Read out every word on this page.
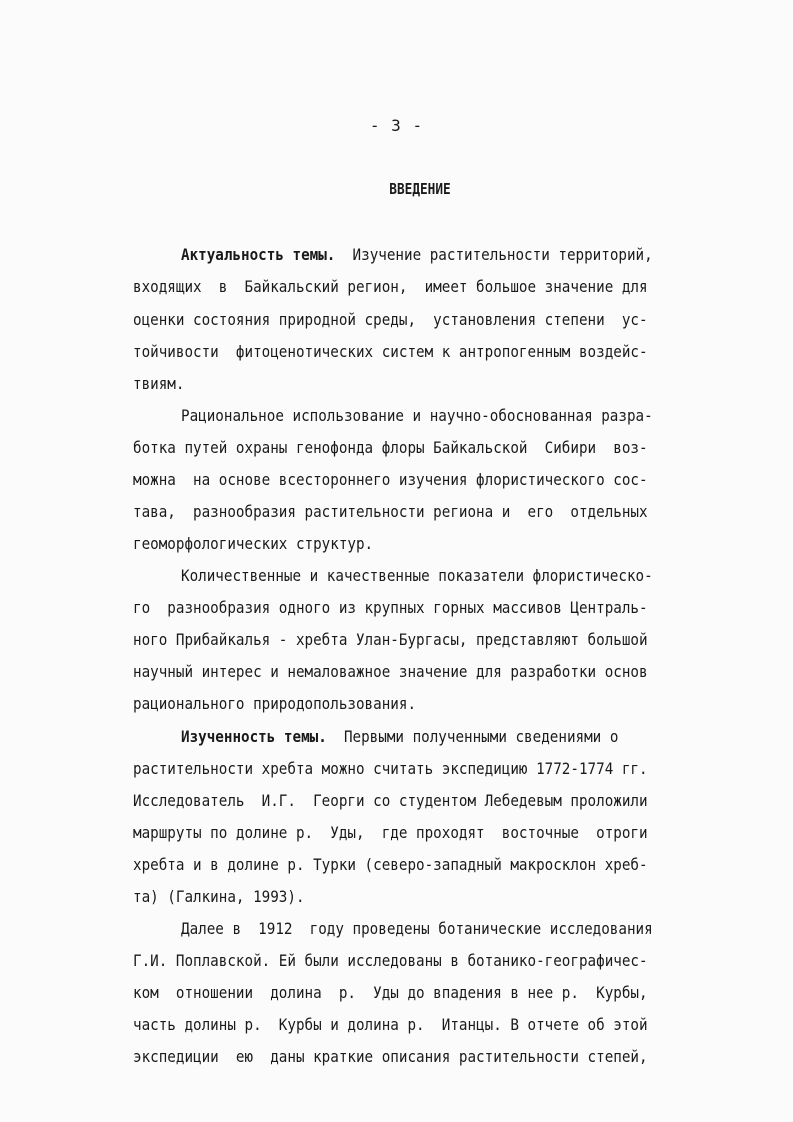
- 3 -
ВВЕДЕНИЕ
Актуальность темы.  Изучение растительности территорий,
входящих  в  Байкальский регион,  имеет большое значение для
оценки состояния природной среды,  установления степени  ус-
тойчивости  фитоценотических систем к антропогенным воздейс-
твиям.
Рациональное использование и научно-обоснованная разра-
ботка путей охраны генофонда флоры Байкальской  Сибири  воз-
можна  на основе всестороннего изучения флористического сос-
тава,  разнообразия растительности региона и  его  отдельных
геоморфологических структур.
Количественные и качественные показатели флористическо-
го  разнообразия одного из крупных горных массивов Централь-
ного Прибайкалья - хребта Улан-Бургасы, представляют большой
научный интерес и немаловажное значение для разработки основ
рационального природопользования.
Изученность темы.  Первыми полученными сведениями о
растительности хребта можно считать экспедицию 1772-1774 гг.
Исследователь  И.Г.  Георги со студентом Лебедевым проложили
маршруты по долине р.  Уды,  где проходят  восточные  отроги
хребта и в долине р. Турки (северо-западный макросклон хреб-
та) (Галкина, 1993).
Далее в  1912  году проведены ботанические исследования
Г.И. Поплавской. Ей были исследованы в ботанико-географичес-
ком  отношении  долина  р.  Уды до впадения в нее р.  Курбы,
часть долины р.  Курбы и долина р.  Итанцы. В отчете об этой
экспедиции  ею  даны краткие описания растительности степей,
